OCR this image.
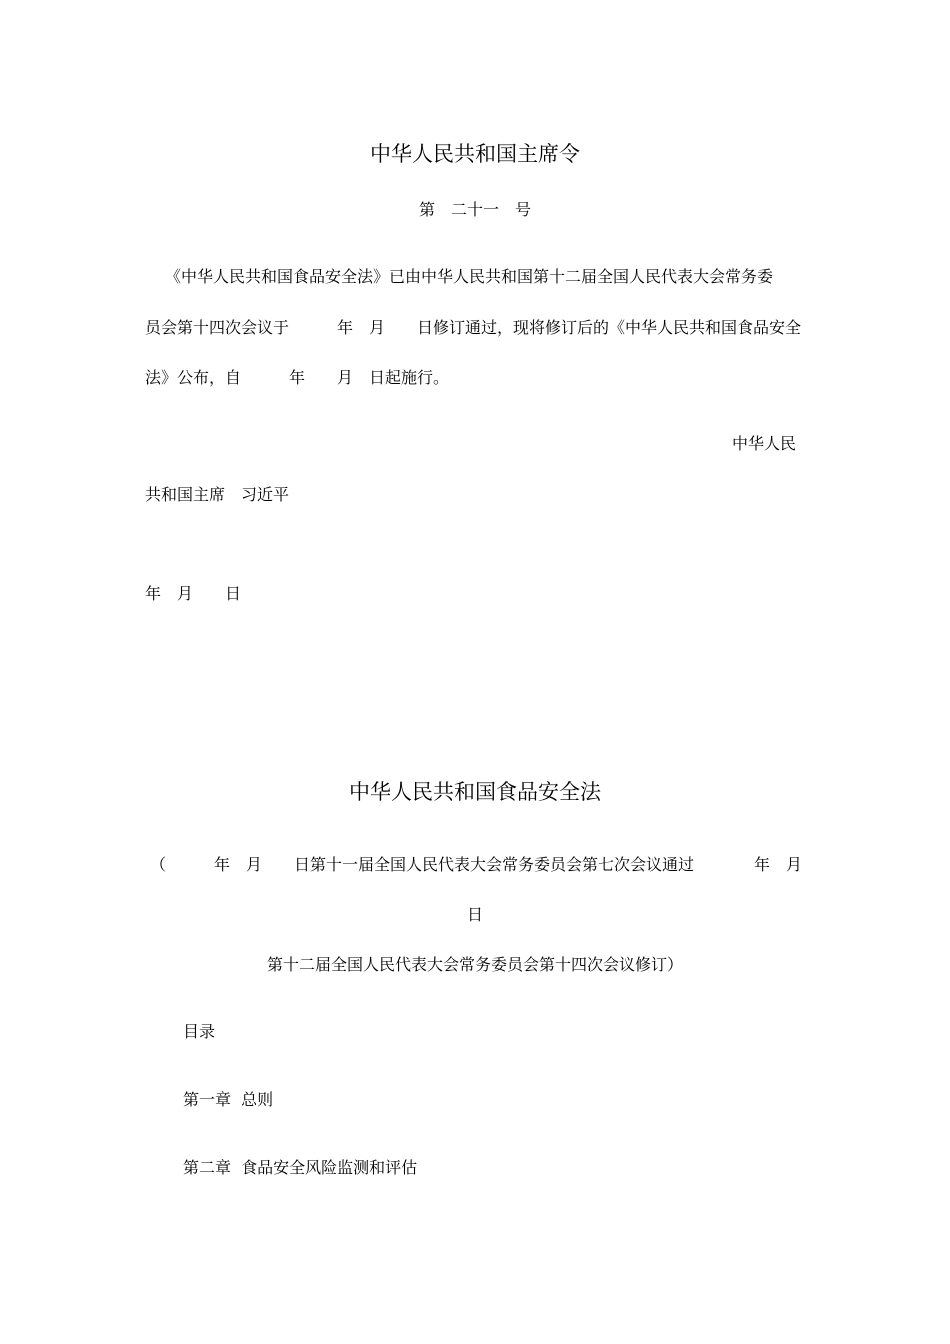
中华人民共和国主席令
第　二十一　号
《中华人民共和国食品安全法》已由中华人民共和国第十二届全国人民代表大会常务委
员会第十四次会议于　　　年　月　　日修订通过，现将修订后的《中华人民共和国食品安全
法》公布，自　　　年　　月　日起施行。
中华人民
共和国主席　习近平
年　月　　日
中华人民共和国食品安全法
（　　　年　月　　日第十一届全国人民代表大会常务委员会第七次会议通过	年　月
日
第十二届全国人民代表大会常务委员会第十四次会议修订）
目录
第一章  总则
第二章  食品安全风险监测和评估
